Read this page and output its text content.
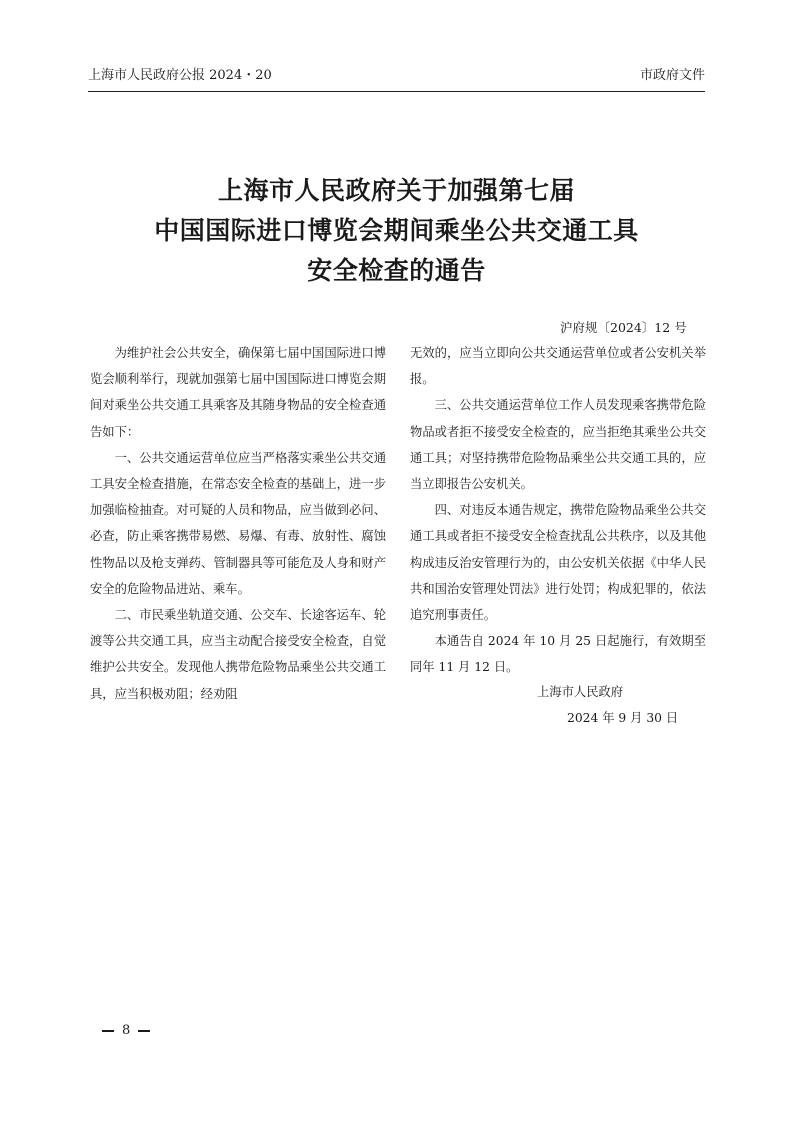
上海市人民政府公报 2024・20	市政府文件
上海市人民政府关于加强第七届
中国国际进口博览会期间乘坐公共交通工具
安全检查的通告
沪府规〔2024〕12 号

为维护社会公共安全，确保第七届中国国际进口博览会顺利举行，现就加强第七届中国国际进口博览会期间对乘坐公共交通工具乘客及其随身物品的安全检查通告如下：

一、公共交通运营单位应当严格落实乘坐公共交通工具安全检查措施，在常态安全检查的基础上，进一步加强临检抽查。对可疑的人员和物品，应当做到必问、必查，防止乘客携带易燃、易爆、有毒、放射性、腐蚀性物品以及枪支弹药、管制器具等可能危及人身和财产安全的危险物品进站、乘车。

二、市民乘坐轨道交通、公交车、长途客运车、轮渡等公共交通工具，应当主动配合接受安全检查，自觉维护公共安全。发现他人携带危险物品乘坐公共交通工具，应当积极劝阻；经劝阻

无效的，应当立即向公共交通运营单位或者公安机关举报。

三、公共交通运营单位工作人员发现乘客携带危险物品或者拒不接受安全检查的，应当拒绝其乘坐公共交通工具；对坚持携带危险物品乘坐公共交通工具的，应当立即报告公安机关。

四、对违反本通告规定，携带危险物品乘坐公共交通工具或者拒不接受安全检查扰乱公共秩序，以及其他构成违反治安管理行为的，由公安机关依据《中华人民共和国治安管理处罚法》进行处罚；构成犯罪的，依法追究刑事责任。

本通告自 2024 年 10 月 25 日起施行，有效期至同年 11 月 12 日。

上海市人民政府
2024 年 9 月 30 日
8
